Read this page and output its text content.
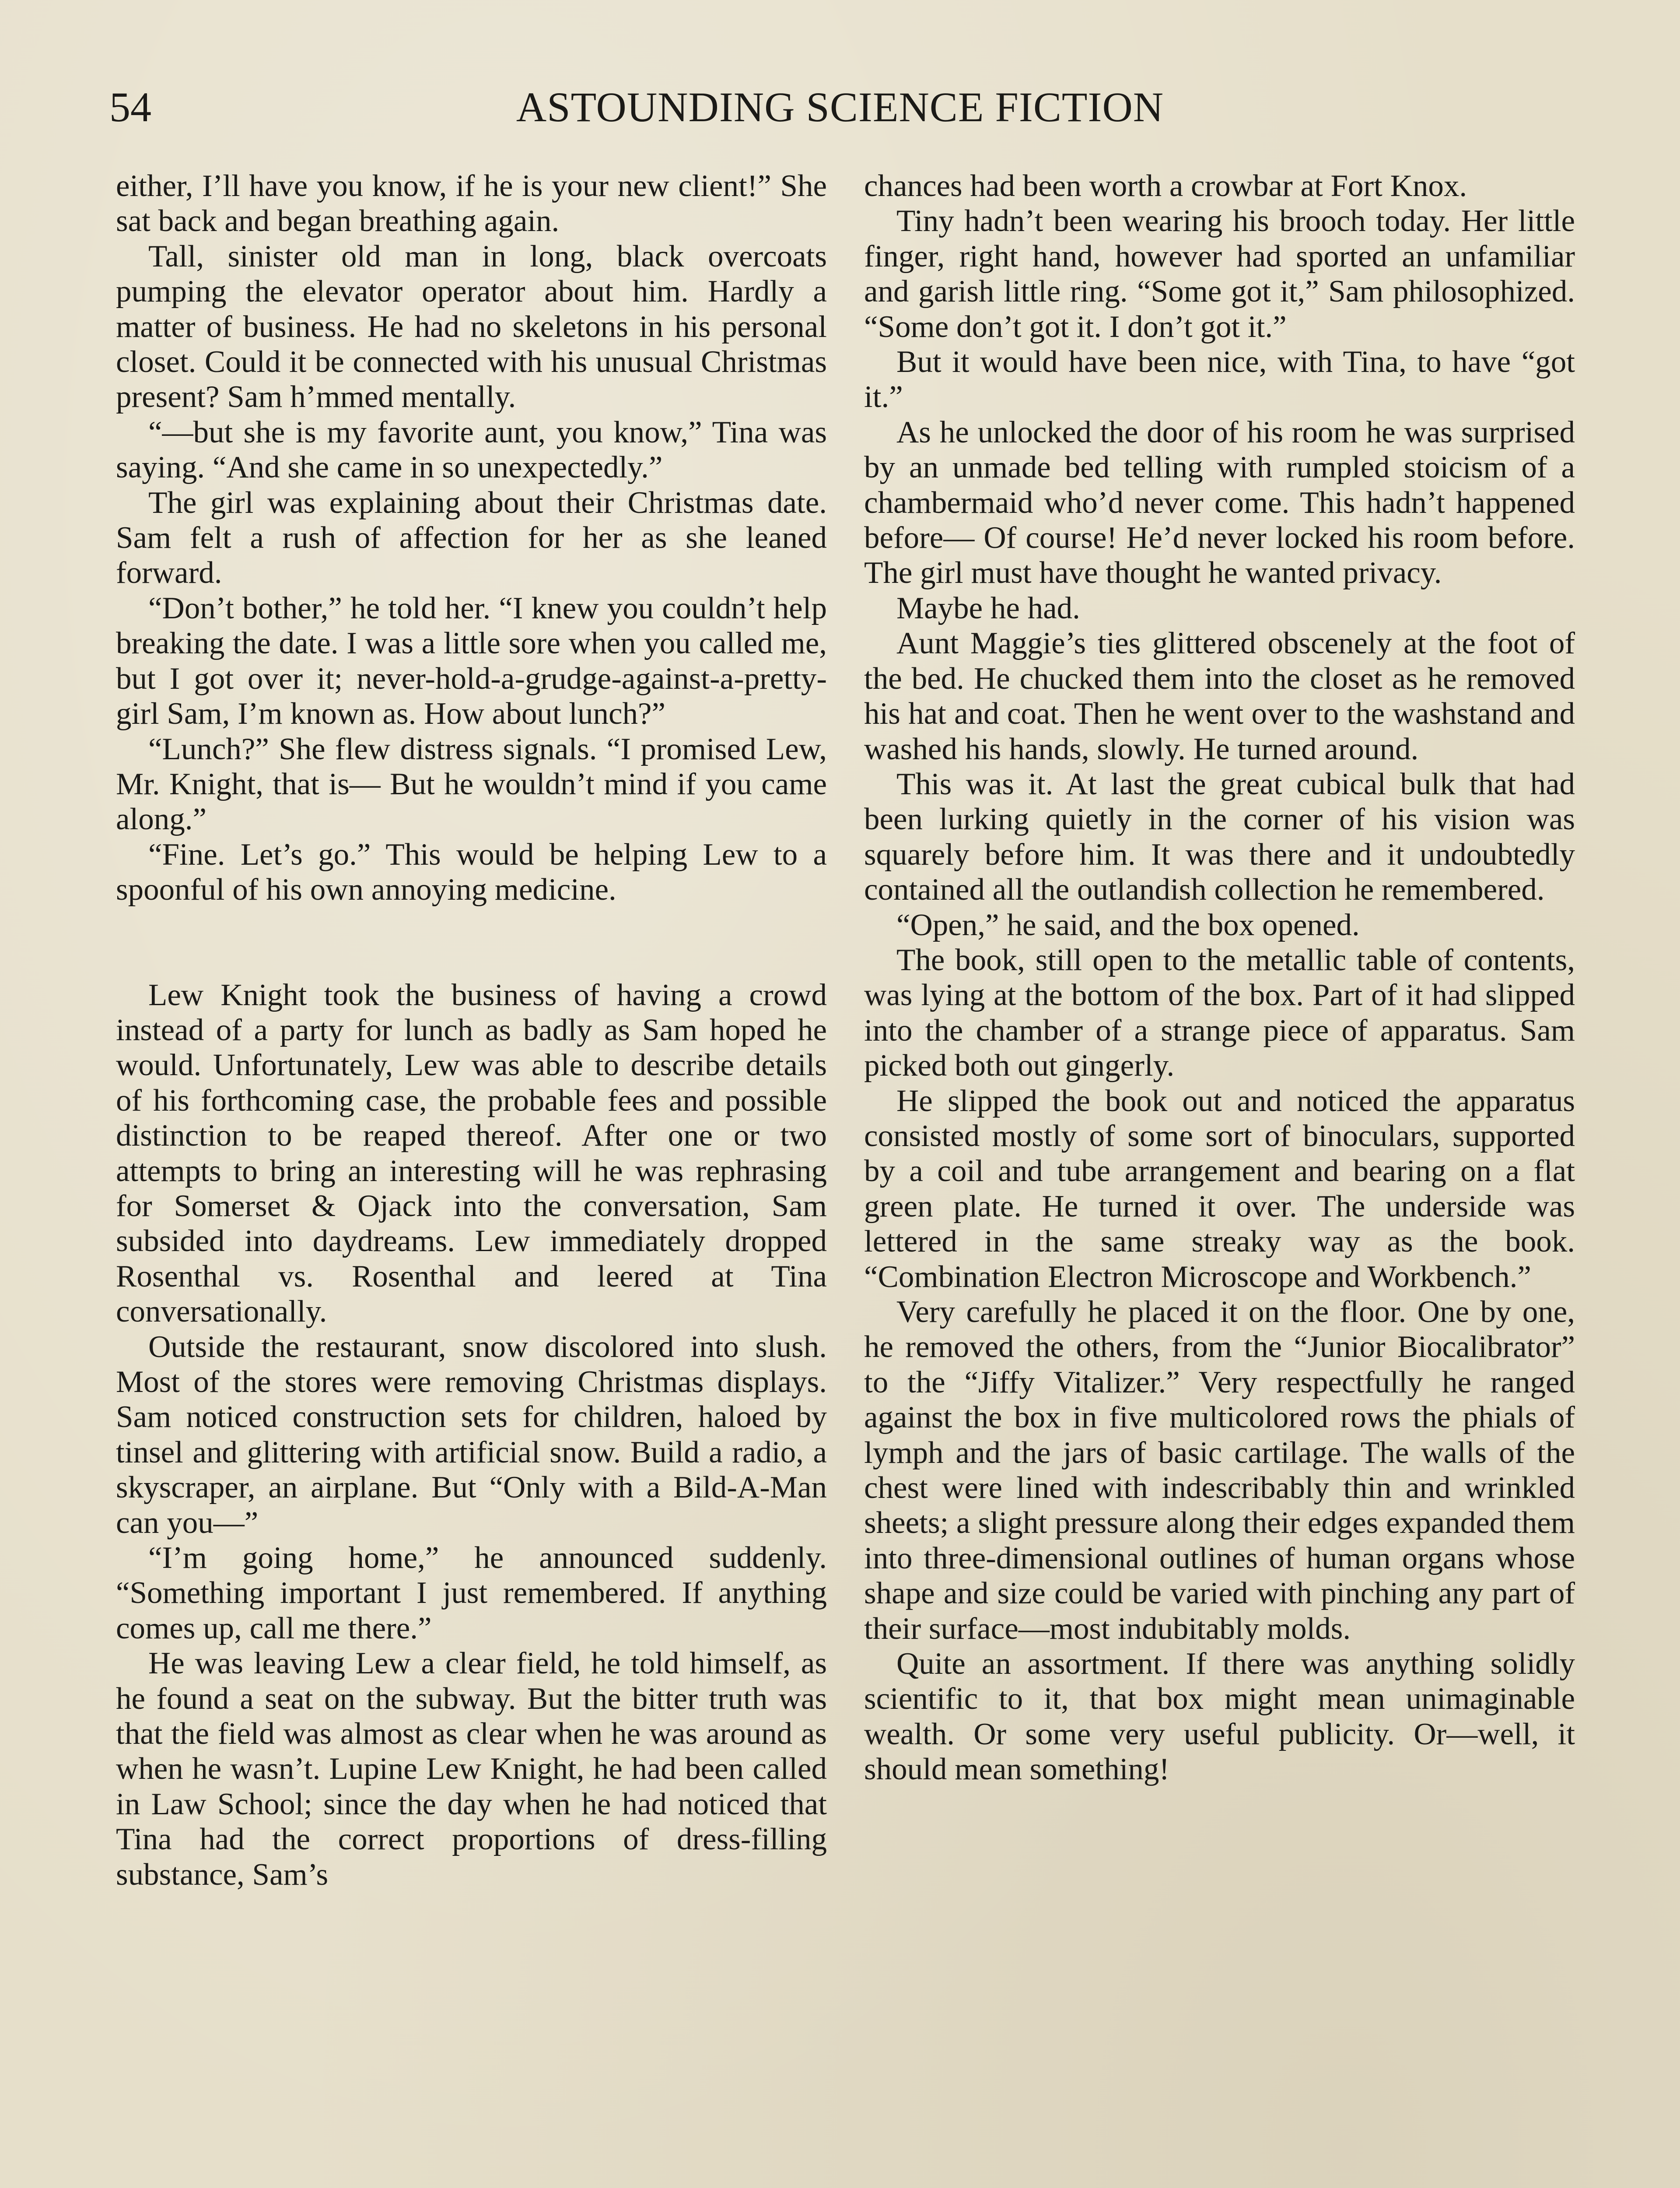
54	ASTOUNDING SCIENCE FICTION

either, I’ll have you know, if he is your new client!” She sat back and began breathing again.

Tall, sinister old man in long, black overcoats pumping the elevator operator about him. Hardly a matter of business. He had no skeletons in his personal closet. Could it be connected with his unusual Christmas present? Sam h’mmed mentally.

“—but she is my favorite aunt, you know,” Tina was saying. “And she came in so unexpectedly.”

The girl was explaining about their Christmas date. Sam felt a rush of affection for her as she leaned forward.

“Don’t bother,” he told her. “I knew you couldn’t help breaking the date. I was a little sore when you called me, but I got over it; never-hold-a-grudge-against-a-pretty-girl Sam, I’m known as. How about lunch?”

“Lunch?” She flew distress signals. “I promised Lew, Mr. Knight, that is— But he wouldn’t mind if you came along.”

“Fine. Let’s go.” This would be helping Lew to a spoonful of his own annoying medicine.

Lew Knight took the business of having a crowd instead of a party for lunch as badly as Sam hoped he would. Unfortunately, Lew was able to describe details of his forthcoming case, the probable fees and possible distinction to be reaped thereof. After one or two attempts to bring an interesting will he was rephrasing for Somerset & Ojack into the conversation, Sam subsided into daydreams. Lew immediately dropped Rosenthal vs. Rosenthal and leered at Tina conversationally.

Outside the restaurant, snow discolored into slush. Most of the stores were removing Christmas displays. Sam noticed construction sets for children, haloed by tinsel and glittering with artificial snow. Build a radio, a skyscraper, an airplane. But “Only with a Bild-A-Man can you—”

“I’m going home,” he announced suddenly. “Something important I just remembered. If anything comes up, call me there.”

He was leaving Lew a clear field, he told himself, as he found a seat on the subway. But the bitter truth was that the field was almost as clear when he was around as when he wasn’t. Lupine Lew Knight, he had been called in Law School; since the day when he had noticed that Tina had the correct proportions of dress-filling substance, Sam’s

chances had been worth a crowbar at Fort Knox.

Tiny hadn’t been wearing his brooch today. Her little finger, right hand, however had sported an unfamiliar and garish little ring. “Some got it,” Sam philosophized. “Some don’t got it. I don’t got it.”

But it would have been nice, with Tina, to have “got it.”

As he unlocked the door of his room he was surprised by an unmade bed telling with rumpled stoicism of a chambermaid who’d never come. This hadn’t happened before— Of course! He’d never locked his room before. The girl must have thought he wanted privacy.

Maybe he had.

Aunt Maggie’s ties glittered obscenely at the foot of the bed. He chucked them into the closet as he removed his hat and coat. Then he went over to the washstand and washed his hands, slowly. He turned around.

This was it. At last the great cubical bulk that had been lurking quietly in the corner of his vision was squarely before him. It was there and it undoubtedly contained all the outlandish collection he remembered.

“Open,” he said, and the box opened.

The book, still open to the metallic table of contents, was lying at the bottom of the box. Part of it had slipped into the chamber of a strange piece of apparatus. Sam picked both out gingerly.

He slipped the book out and noticed the apparatus consisted mostly of some sort of binoculars, supported by a coil and tube arrangement and bearing on a flat green plate. He turned it over. The underside was lettered in the same streaky way as the book. “Combination Electron Microscope and Workbench.”

Very carefully he placed it on the floor. One by one, he removed the others, from the “Junior Biocalibrator” to the “Jiffy Vitalizer.” Very respectfully he ranged against the box in five multicolored rows the phials of lymph and the jars of basic cartilage. The walls of the chest were lined with indescribably thin and wrinkled sheets; a slight pressure along their edges expanded them into three-dimensional outlines of human organs whose shape and size could be varied with pinching any part of their surface—most indubitably molds.

Quite an assortment. If there was anything solidly scientific to it, that box might mean unimaginable wealth. Or some very useful publicity. Or—well, it should mean something!
